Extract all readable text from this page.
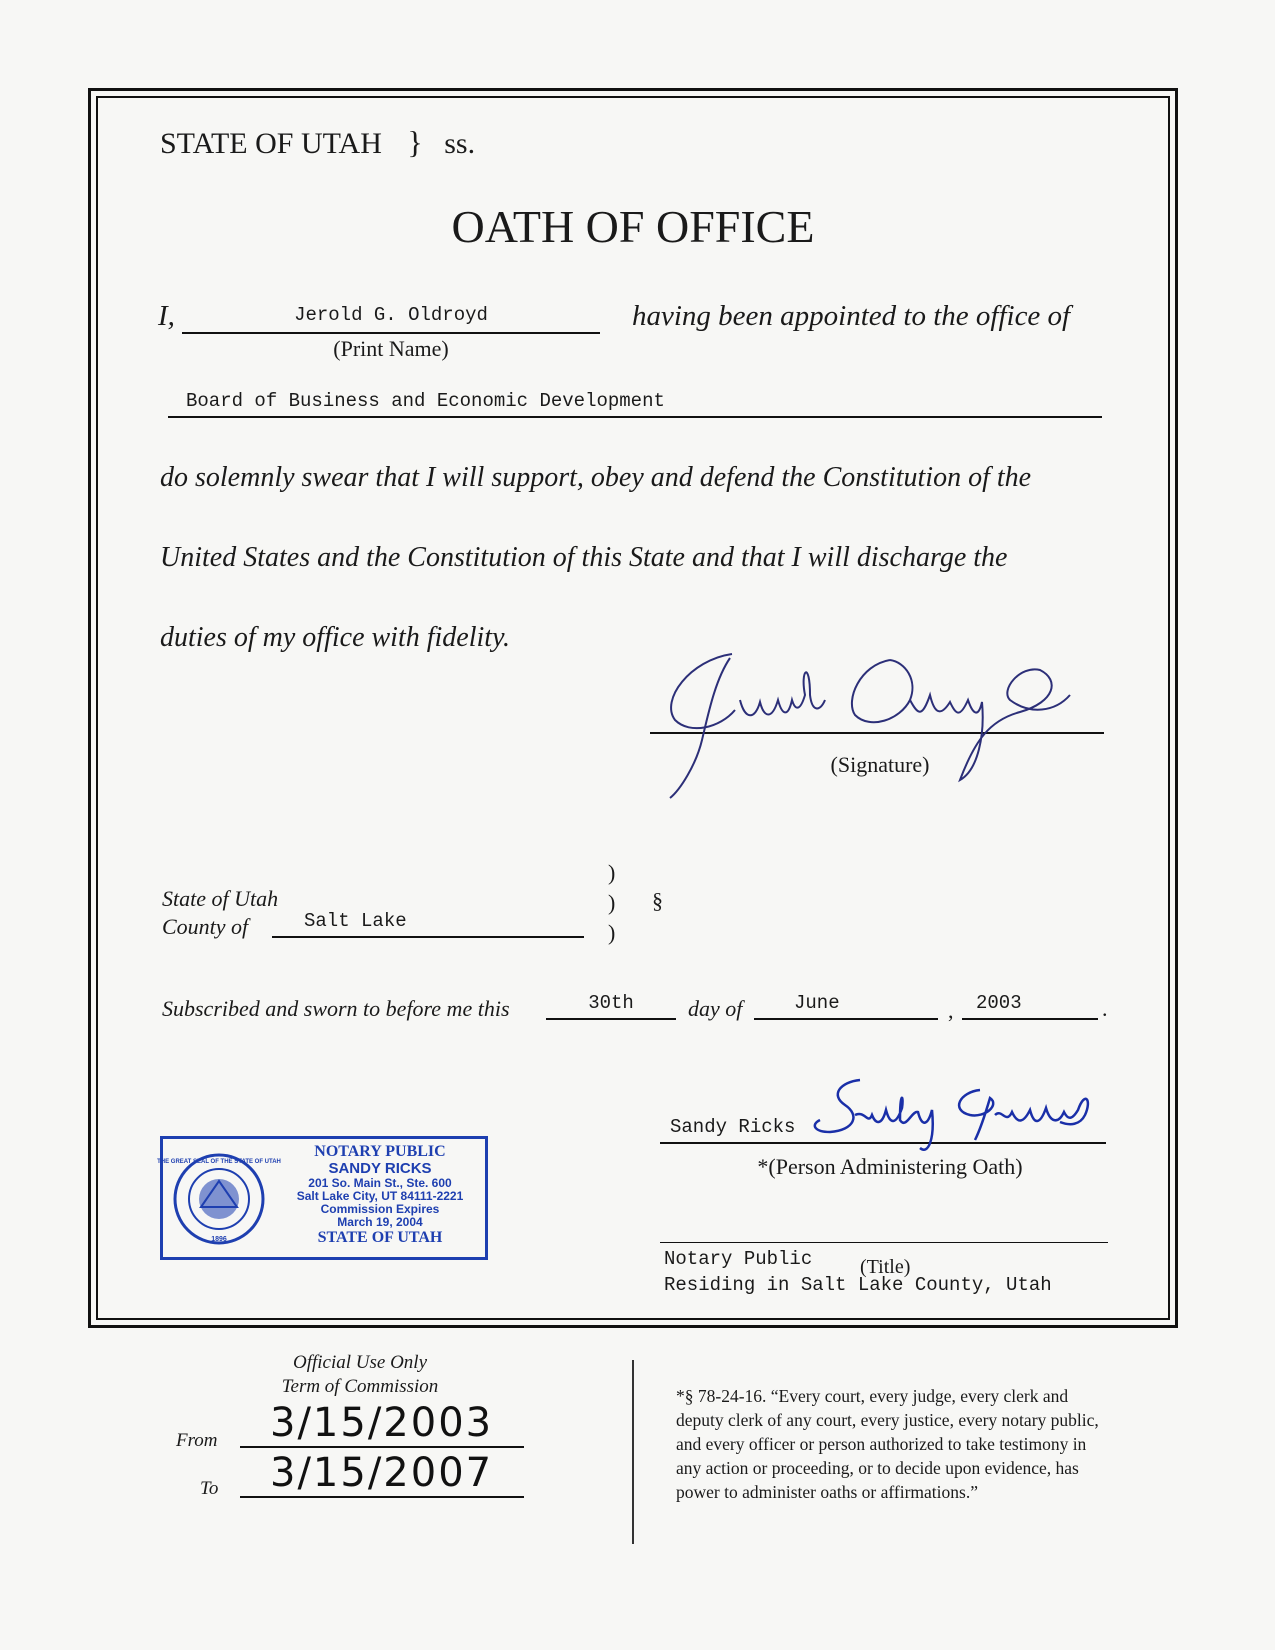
STATE OF UTAH } ss.
OATH OF OFFICE
I,	Jerold G. Oldroyd
(Print Name)
having been appointed to the office of
Board of Business and Economic Development
do solemnly swear that I will support, obey and defend the Constitution of the
United States and the Constitution of this State and that I will discharge the
duties of my office with fidelity.
(Signature)
State of Utah
County of	Salt Lake
)
)
)
§
Subscribed and sworn to before me this	30th	day of	June	,	2003	.
Sandy Ricks
*(Person Administering Oath)
Notary Public (Title)
Residing in Salt Lake County, Utah
THE GREAT SEAL OF THE STATE OF UTAH
1896
NOTARY PUBLIC
SANDY RICKS
201 So. Main St., Ste. 600
Salt Lake City, UT 84111-2221
Commission Expires
March 19, 2004
STATE OF UTAH
Official Use Only
Term of Commission
From	3/15/2003
To	3/15/2007
*§ 78-24-16. “Every court, every judge, every clerk and
deputy clerk of any court, every justice, every notary public,
and every officer or person authorized to take testimony in
any action or proceeding, or to decide upon evidence, has
power to administer oaths or affirmations.”
